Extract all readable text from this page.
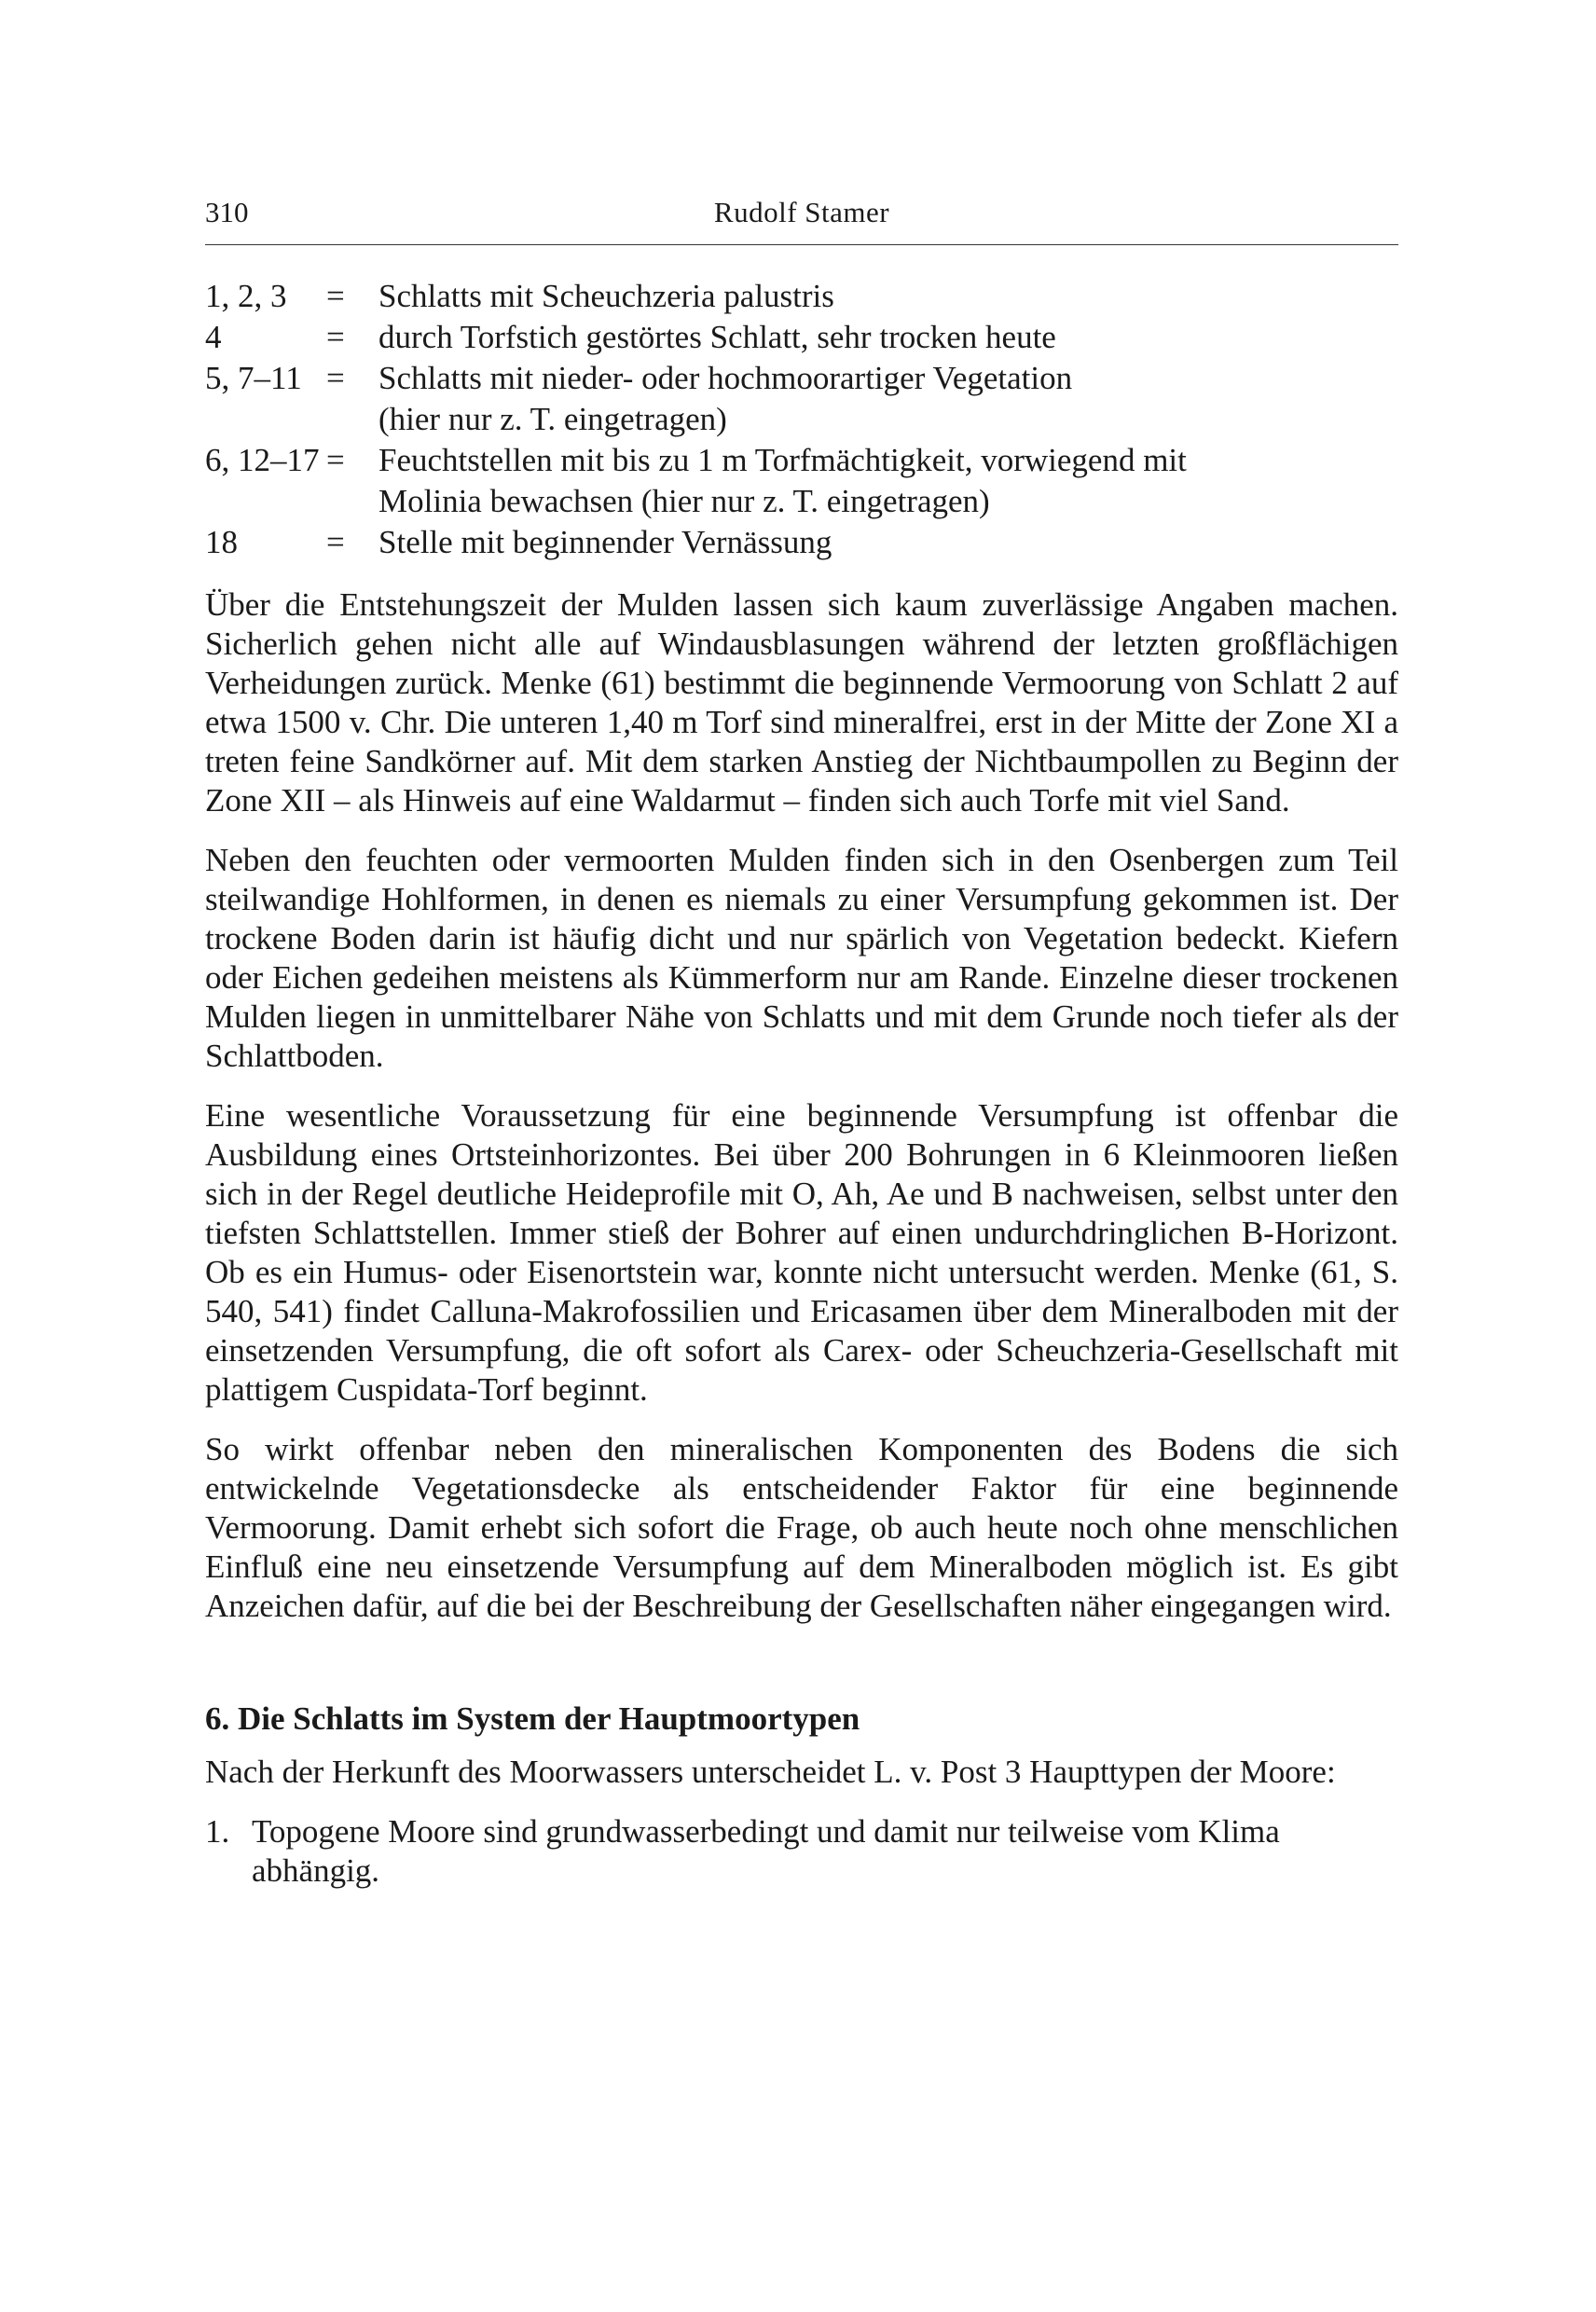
310	Rudolf Stamer
1, 2, 3	=	Schlatts mit Scheuchzeria palustris
4	=	durch Torfstich gestörtes Schlatt, sehr trocken heute
5, 7–11 =	Schlatts mit nieder- oder hochmoorartiger Vegetation
(hier nur z. T. eingetragen)
6, 12–17 =	Feuchtstellen mit bis zu 1 m Torfmächtigkeit, vorwiegend mit
Molinia bewachsen (hier nur z. T. eingetragen)
18	=	Stelle mit beginnender Vernässung

Über die Entstehungszeit der Mulden lassen sich kaum zuverlässige Angaben machen. Sicherlich gehen nicht alle auf Windausblasungen während der letzten großflächigen Verheidungen zurück. Menke (61) bestimmt die beginnende Vermoorung von Schlatt 2 auf etwa 1500 v. Chr. Die unteren 1,40 m Torf sind mineralfrei, erst in der Mitte der Zone XI a treten feine Sandkörner auf. Mit dem starken Anstieg der Nichtbaumpollen zu Beginn der Zone XII – als Hinweis auf eine Waldarmut – finden sich auch Torfe mit viel Sand.

Neben den feuchten oder vermoorten Mulden finden sich in den Osenbergen zum Teil steilwandige Hohlformen, in denen es niemals zu einer Versumpfung gekommen ist. Der trockene Boden darin ist häufig dicht und nur spärlich von Vegetation bedeckt. Kiefern oder Eichen gedeihen meistens als Kümmerform nur am Rande. Einzelne dieser trockenen Mulden liegen in unmittelbarer Nähe von Schlatts und mit dem Grunde noch tiefer als der Schlattboden.

Eine wesentliche Voraussetzung für eine beginnende Versumpfung ist offenbar die Ausbildung eines Ortsteinhorizontes. Bei über 200 Bohrungen in 6 Kleinmooren ließen sich in der Regel deutliche Heideprofile mit O, Ah, Ae und B nachweisen, selbst unter den tiefsten Schlattstellen. Immer stieß der Bohrer auf einen undurchdringlichen B-Horizont. Ob es ein Humus- oder Eisenortstein war, konnte nicht untersucht werden. Menke (61, S. 540, 541) findet Calluna-Makrofossilien und Ericasamen über dem Mineralboden mit der einsetzenden Versumpfung, die oft sofort als Carex- oder Scheuchzeria-Gesellschaft mit plattigem Cuspidata-Torf beginnt.

So wirkt offenbar neben den mineralischen Komponenten des Bodens die sich entwickelnde Vegetationsdecke als entscheidender Faktor für eine beginnende Vermoorung. Damit erhebt sich sofort die Frage, ob auch heute noch ohne menschlichen Einfluß eine neu einsetzende Versumpfung auf dem Mineralboden möglich ist. Es gibt Anzeichen dafür, auf die bei der Beschreibung der Gesellschaften näher eingegangen wird.

6. Die Schlatts im System der Hauptmoortypen

Nach der Herkunft des Moorwassers unterscheidet L. v. Post 3 Haupttypen der Moore:

1. Topogene Moore sind grundwasserbedingt und damit nur teilweise vom Klima abhängig.
